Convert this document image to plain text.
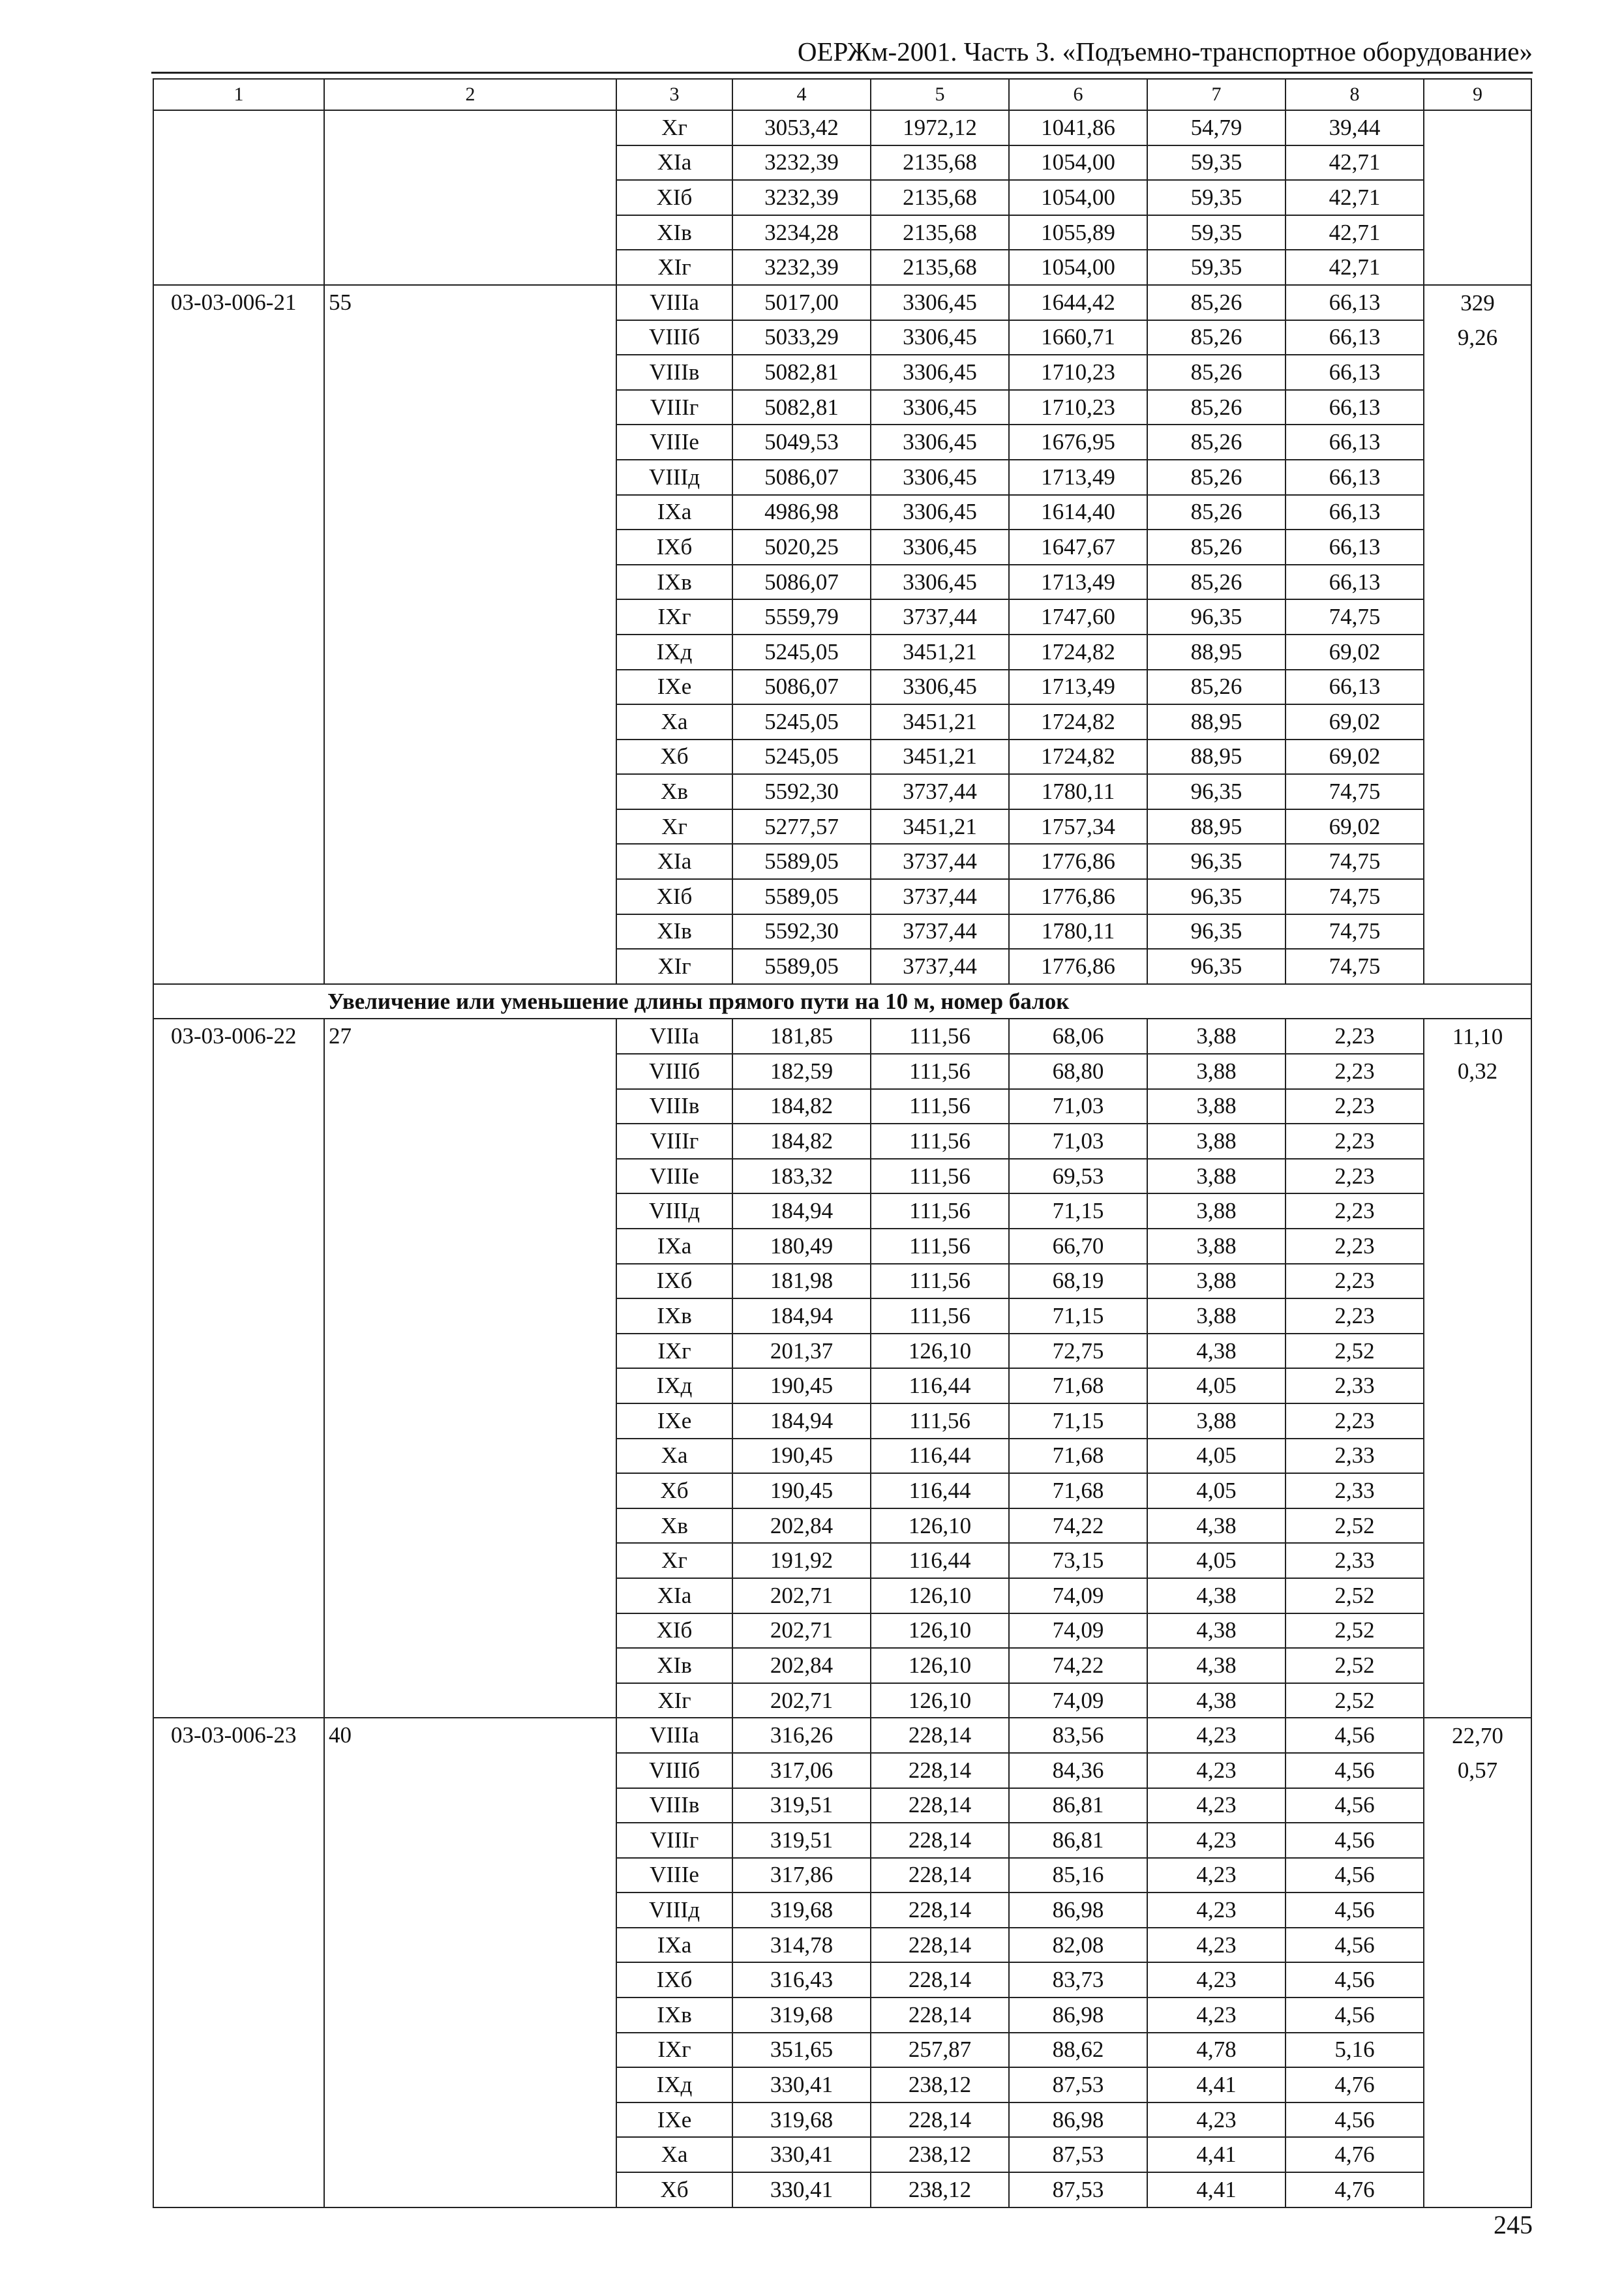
ОЕРЖм-2001. Часть 3. «Подъемно-транспортное оборудование»
1	2	3	4	5	6	7	8	9
		Xг	3053,42	1972,12	1041,86	54,79	39,44	
		XIа	3232,39	2135,68	1054,00	59,35	42,71	
		XIб	3232,39	2135,68	1054,00	59,35	42,71	
		XIв	3234,28	2135,68	1055,89	59,35	42,71	
		XIг	3232,39	2135,68	1054,00	59,35	42,71	
03-03-006-21	55	VIIIа	5017,00	3306,45	1644,42	85,26	66,13	329
9,26

		VIIIб	5033,29	3306,45	1660,71	85,26	66,13	
		VIIIв	5082,81	3306,45	1710,23	85,26	66,13	
		VIIIг	5082,81	3306,45	1710,23	85,26	66,13	
		VIIIе	5049,53	3306,45	1676,95	85,26	66,13	
		VIIIд	5086,07	3306,45	1713,49	85,26	66,13	
		IXа	4986,98	3306,45	1614,40	85,26	66,13	
		IXб	5020,25	3306,45	1647,67	85,26	66,13	
		IXв	5086,07	3306,45	1713,49	85,26	66,13	
		IXг	5559,79	3737,44	1747,60	96,35	74,75	
		IXд	5245,05	3451,21	1724,82	88,95	69,02	
		IXе	5086,07	3306,45	1713,49	85,26	66,13	
		Xа	5245,05	3451,21	1724,82	88,95	69,02	
		Xб	5245,05	3451,21	1724,82	88,95	69,02	
		Xв	5592,30	3737,44	1780,11	96,35	74,75	
		Xг	5277,57	3451,21	1757,34	88,95	69,02	
		XIа	5589,05	3737,44	1776,86	96,35	74,75	
		XIб	5589,05	3737,44	1776,86	96,35	74,75	
		XIв	5592,30	3737,44	1780,11	96,35	74,75	
		XIг	5589,05	3737,44	1776,86	96,35	74,75	
Увеличение или уменьшение длины прямого пути на 10 м, номер балок								
03-03-006-22	27	VIIIа	181,85	111,56	68,06	3,88	2,23	11,10
0,32

		VIIIб	182,59	111,56	68,80	3,88	2,23	
		VIIIв	184,82	111,56	71,03	3,88	2,23	
		VIIIг	184,82	111,56	71,03	3,88	2,23	
		VIIIе	183,32	111,56	69,53	3,88	2,23	
		VIIIд	184,94	111,56	71,15	3,88	2,23	
		IXа	180,49	111,56	66,70	3,88	2,23	
		IXб	181,98	111,56	68,19	3,88	2,23	
		IXв	184,94	111,56	71,15	3,88	2,23	
		IXг	201,37	126,10	72,75	4,38	2,52	
		IXд	190,45	116,44	71,68	4,05	2,33	
		IXе	184,94	111,56	71,15	3,88	2,23	
		Xа	190,45	116,44	71,68	4,05	2,33	
		Xб	190,45	116,44	71,68	4,05	2,33	
		Xв	202,84	126,10	74,22	4,38	2,52	
		Xг	191,92	116,44	73,15	4,05	2,33	
		XIа	202,71	126,10	74,09	4,38	2,52	
		XIб	202,71	126,10	74,09	4,38	2,52	
		XIв	202,84	126,10	74,22	4,38	2,52	
		XIг	202,71	126,10	74,09	4,38	2,52	
03-03-006-23	40	VIIIа	316,26	228,14	83,56	4,23	4,56	22,70
0,57

		VIIIб	317,06	228,14	84,36	4,23	4,56	
		VIIIв	319,51	228,14	86,81	4,23	4,56	
		VIIIг	319,51	228,14	86,81	4,23	4,56	
		VIIIе	317,86	228,14	85,16	4,23	4,56	
		VIIIд	319,68	228,14	86,98	4,23	4,56	
		IXа	314,78	228,14	82,08	4,23	4,56	
		IXб	316,43	228,14	83,73	4,23	4,56	
		IXв	319,68	228,14	86,98	4,23	4,56	
		IXг	351,65	257,87	88,62	4,78	5,16	
		IXд	330,41	238,12	87,53	4,41	4,76	
		IXе	319,68	228,14	86,98	4,23	4,56	
		Xа	330,41	238,12	87,53	4,41	4,76	
		Xб	330,41	238,12	87,53	4,41	4,76	
245
